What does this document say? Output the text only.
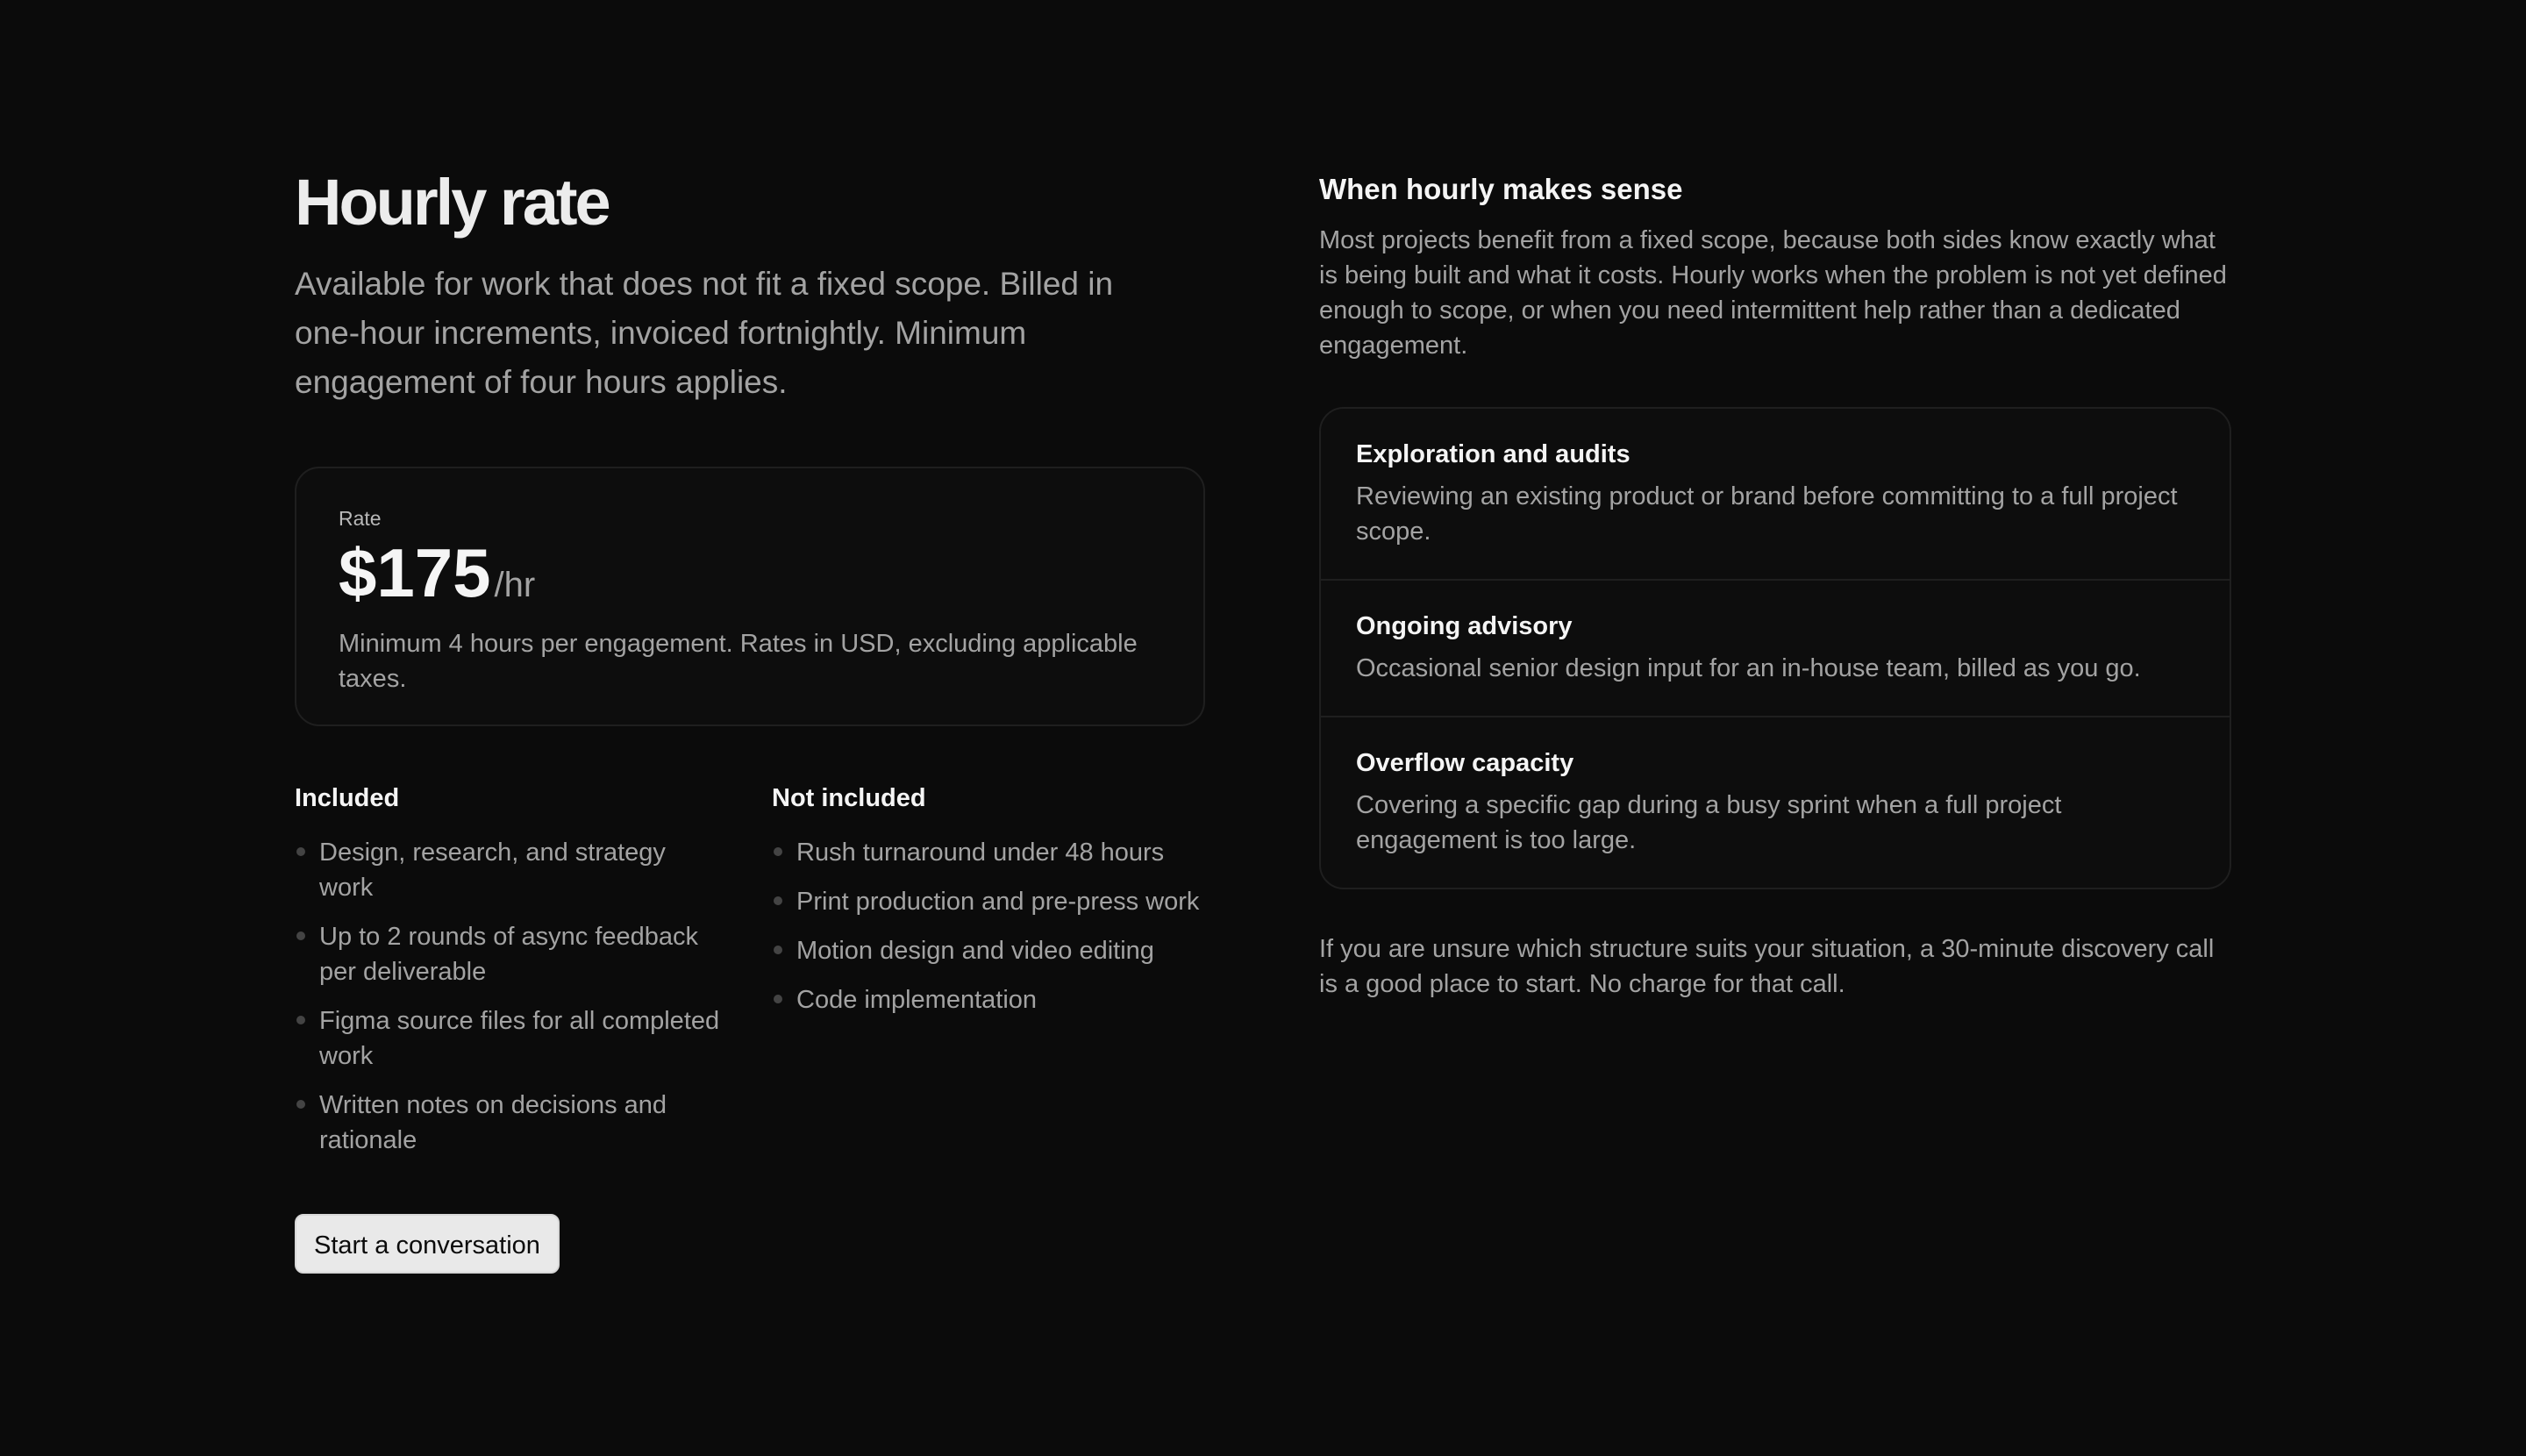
Hourly rate

Available for work that does not fit a fixed scope. Billed in one-hour increments, invoiced fortnightly. Minimum engagement of four hours applies.

Rate
$175 /hr
Minimum 4 hours per engagement. Rates in USD, excluding applicable taxes.
Included
Design, research, and strategy work
Up to 2 rounds of async feedback per deliverable
Figma source files for all completed work
Written notes on decisions and rationale
Not included
Rush turnaround under 48 hours
Print production and pre-press work
Motion design and video editing
Code implementation
Start a conversation
When hourly makes sense

Most projects benefit from a fixed scope, because both sides know exactly what is being built and what it costs. Hourly works when the problem is not yet defined enough to scope, or when you need intermittent help rather than a dedicated engagement.

Exploration and audits

Reviewing an existing product or brand before committing to a full project scope.

Ongoing advisory

Occasional senior design input for an in-house team, billed as you go.

Overflow capacity

Covering a specific gap during a busy sprint when a full project engagement is too large.

If you are unsure which structure suits your situation, a 30-minute discovery call is a good place to start. No charge for that call.
